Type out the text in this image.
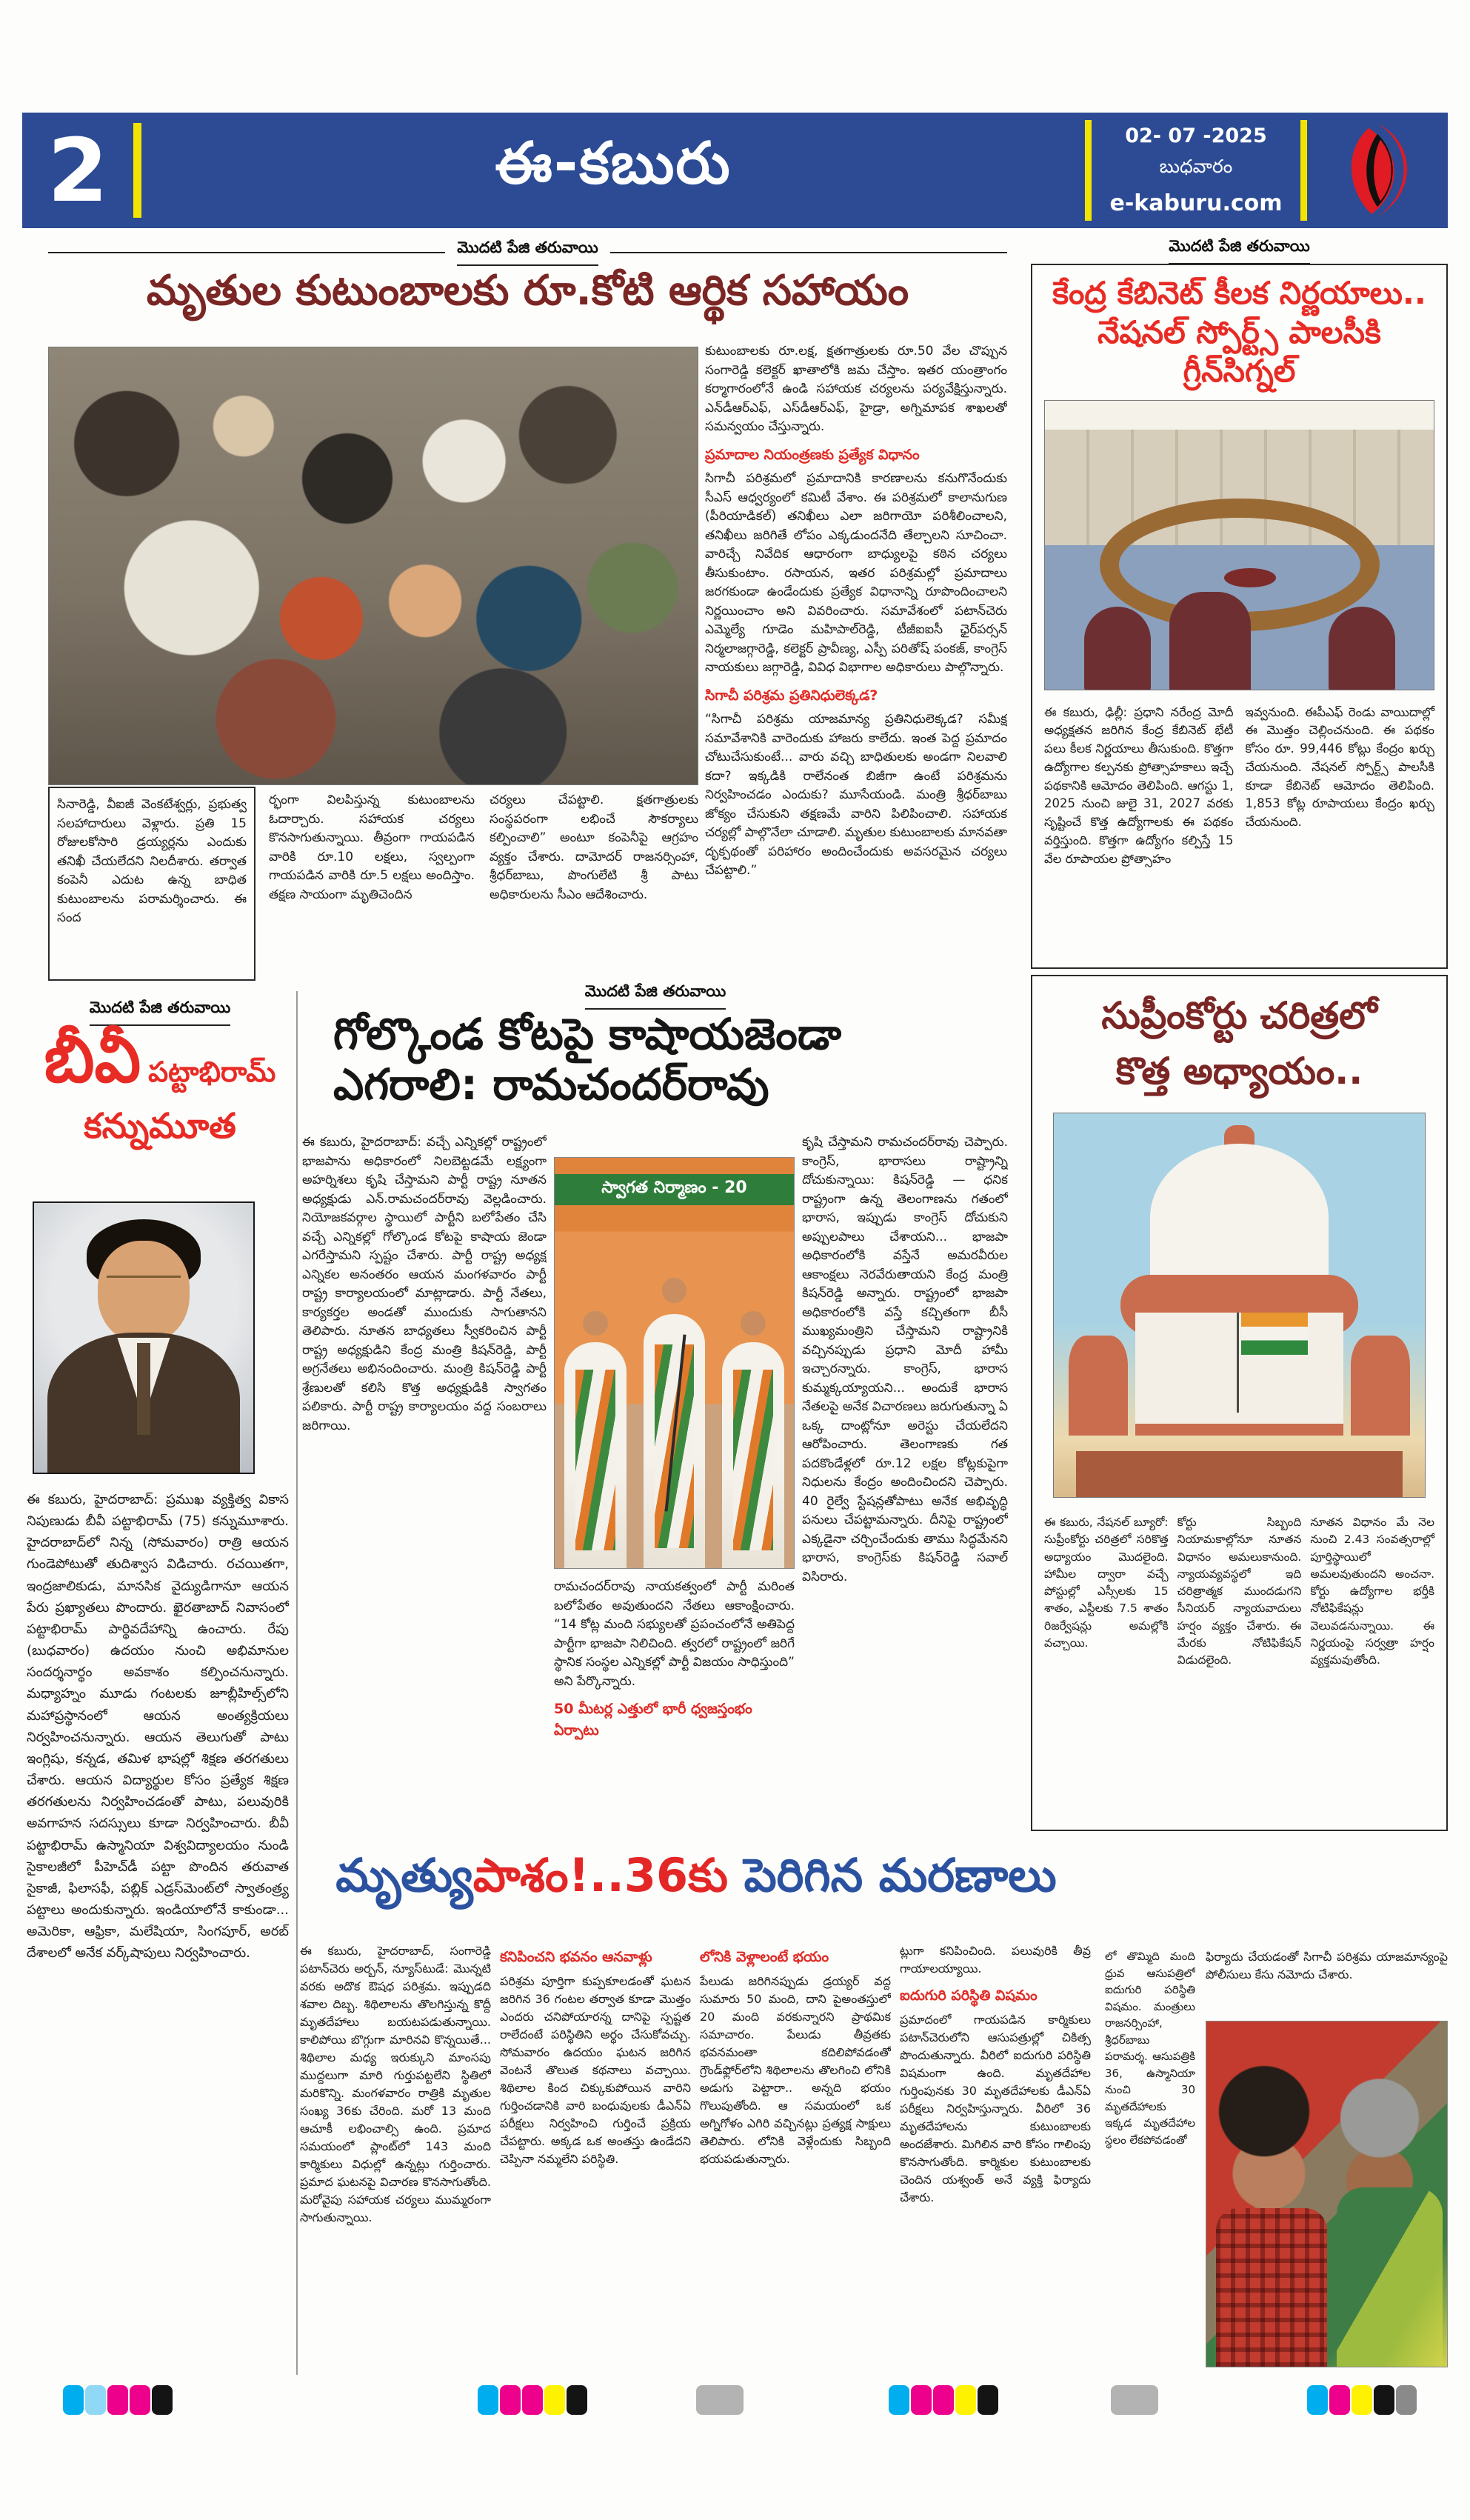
2	ఈ-కబురు	02- 07 -2025
బుధవారం
e-kaburu.com
మొదటి పేజి తరువాయి
మృతుల కుటుంబాలకు రూ.కోటి ఆర్థిక సహాయం

కుటుంబాలకు రూ.లక్ష, క్షతగాత్రులకు రూ.50 వేల చొప్పున సంగారెడ్డి కలెక్టర్ ఖాతాలోకి జమ చేస్తాం. ఇతర యంత్రాంగం కర్మాగారంలోనే ఉండి సహాయక చర్యలను పర్యవేక్షిస్తున్నారు. ఎన్‌డీఆర్‌ఎఫ్, ఎస్‌డీఆర్‌ఎఫ్, హైడ్రా, అగ్నిమాపక శాఖలతో సమన్వయం చేస్తున్నారు.

ప్రమాదాల నియంత్రణకు ప్రత్యేక విధానం

సిగాచీ పరిశ్రమలో ప్రమాదానికి కారణాలను కనుగొనేందుకు సీఎస్ ఆధ్వర్యంలో కమిటీ వేశాం. ఈ పరిశ్రమలో కాలానుగుణ (పీరియాడికల్) తనిఖీలు ఎలా జరిగాయో పరిశీలించాలని, తనిఖీలు జరిగితే లోపం ఎక్కడుందనేది తేల్చాలని సూచించా. వారిచ్చే నివేదిక ఆధారంగా బాధ్యులపై కఠిన చర్యలు తీసుకుంటాం. రసాయన, ఇతర పరిశ్రమల్లో ప్రమాదాలు జరగకుండా ఉండేందుకు ప్రత్యేక విధానాన్ని రూపొందించాలని నిర్ణయించాం అని వివరించారు. సమావేశంలో పటాన్‌చెరు ఎమ్మెల్యే గూడెం మహిపాల్‌రెడ్డి, టీజీఐఐసీ ఛైర్‌పర్సన్ నిర్మలాజగ్గారెడ్డి, కలెక్టర్ ప్రావీణ్య, ఎస్పీ పరితోష్ పంకజ్, కాంగ్రెస్ నాయకులు జగ్గారెడ్డి, వివిధ విభాగాల అధికారులు పాల్గొన్నారు.

సిగాచీ పరిశ్రమ ప్రతినిధులెక్కడ?

“సిగాచీ పరిశ్రమ యాజమాన్య ప్రతినిధులెక్కడ? సమీక్ష సమావేశానికి వారెందుకు హాజరు కాలేదు. ఇంత పెద్ద ప్రమాదం చోటుచేసుకుంటే... వారు వచ్చి బాధితులకు అండగా నిలవాలి కదా? ఇక్కడికి రాలేనంత బిజీగా ఉంటే పరిశ్రమను నిర్వహించడం ఎందుకు? మూసేయండి. మంత్రి శ్రీధర్‌బాబు జోక్యం చేసుకుని తక్షణమే వారిని పిలిపించాలి. సహాయక చర్యల్లో పాల్గొనేలా చూడాలి. మృతుల కుటుంబాలకు మానవతా దృక్పథంతో పరిహారం అందించేందుకు అవసరమైన చర్యలు చేపట్టాలి.”

సినారెడ్డి, వీఐజీ వెంకటేశ్వర్లు, ప్రభుత్వ సలహాదారులు వెళ్లారు. ప్రతి 15 రోజులకోసారి డ్రయ్యర్లను ఎందుకు తనిఖీ చేయలేదని నిలదీశారు. తర్వాత కంపెనీ ఎదుట ఉన్న బాధిత కుటుంబాలను పరామర్శించారు. ఈ సంద
ర్భంగా విలపిస్తున్న కుటుంబాలను ఓదార్చారు. సహాయక చర్యలు కొనసాగుతున్నాయి. తీవ్రంగా గాయపడిన వారికి రూ.10 లక్షలు, స్వల్పంగా గాయపడిన వారికి రూ.5 లక్షలు అందిస్తాం. తక్షణ సాయంగా మృతిచెందిన
చర్యలు చేపట్టాలి. క్షతగాత్రులకు సంస్థపరంగా లభించే సౌకర్యాలు కల్పించాలి” అంటూ కంపెనీపై ఆగ్రహం వ్యక్తం చేశారు. దామోదర్ రాజనర్సింహా, శ్రీధర్‌బాబు, పొంగులేటి శ్రీ పాటు అధికారులను సీఎం ఆదేశించారు.
మొదటి పేజి తరువాయి
కేంద్ర కేబినెట్ కీలక నిర్ణయాలు..
నేషనల్ స్పోర్ట్స్ పాలసీకి గ్రీన్‌సిగ్నల్
ఈ కబురు, ఢిల్లీ: ప్రధాని నరేంద్ర మోదీ అధ్యక్షతన జరిగిన కేంద్ర కేబినెట్ భేటీ పలు కీలక నిర్ణయాలు తీసుకుంది. కొత్తగా ఉద్యోగాల కల్పనకు ప్రోత్సాహకాలు ఇచ్చే పథకానికి ఆమోదం తెలిపింది. ఆగస్టు 1, 2025 నుంచి జులై 31, 2027 వరకు సృష్టించే కొత్త ఉద్యోగాలకు ఈ పథకం వర్తిస్తుంది. కొత్తగా ఉద్యోగం కల్పిస్తే 15 వేల రూపాయల ప్రోత్సాహం
ఇవ్వనుంది. ఈపీఎఫ్ రెండు వాయిదాల్లో ఈ మొత్తం చెల్లించనుంది. ఈ పథకం కోసం రూ. 99,446 కోట్లు కేంద్రం ఖర్చు చేయనుంది. నేషనల్ స్పోర్ట్స్ పాలసీకి కూడా కేబినెట్ ఆమోదం తెలిపింది. 1,853 కోట్ల రూపాయలు కేంద్రం ఖర్చు చేయనుంది.
మొదటి పేజి తరువాయి
బీవీ పట్టాభిరామ్
కన్నుమూత
ఈ కబురు, హైదరాబాద్: ప్రముఖ వ్యక్తిత్వ వికాస నిపుణుడు బీవీ పట్టాభిరామ్ (75) కన్నుమూశారు. హైదరాబాద్‌లో నిన్న (సోమవారం) రాత్రి ఆయన గుండెపోటుతో తుదిశ్వాస విడిచారు. రచయితగా, ఇంద్రజాలికుడు, మానసిక వైద్యుడిగానూ ఆయన పేరు ప్రఖ్యాతలు పొందారు. ఖైరతాబాద్ నివాసంలో పట్టాభిరామ్ పార్థివదేహాన్ని ఉంచారు. రేపు (బుధవారం) ఉదయం నుంచి అభిమానుల సందర్శనార్థం అవకాశం కల్పించనున్నారు. మధ్యాహ్నం మూడు గంటలకు జూబ్లీహిల్స్‌లోని మహాప్రస్థానంలో ఆయన అంత్యక్రియలు నిర్వహించనున్నారు. ఆయన తెలుగుతో పాటు ఇంగ్లిషు, కన్నడ, తమిళ భాషల్లో శిక్షణ తరగతులు చేశారు. ఆయన విద్యార్థుల కోసం ప్రత్యేక శిక్షణ తరగతులను నిర్వహించడంతో పాటు, పలువురికి అవగాహన సదస్సులు కూడా నిర్వహించారు. బీవీ పట్టాభిరామ్ ఉస్మానియా విశ్వవిద్యాలయం నుండి సైకాలజీలో పీహెచ్‌డీ పట్టా పొందిన తరువాత సైకాజీ, ఫిలాసఫీ, పబ్లిక్ ఎడ్రస్‌మెంట్‌లో స్వాతంత్ర్య పట్టాలు అందుకున్నారు. ఇండియాలోనే కాకుండా... అమెరికా, ఆఫ్రికా, మలేషియా, సింగపూర్, అరబ్ దేశాలలో అనేక వర్క్‌షాపులు నిర్వహించారు.
మొదటి పేజి తరువాయి
గోల్కొండ కోటపై కాషాయజెండా
ఎగరాలి: రామచందర్‌రావు
ఈ కబురు, హైదరాబాద్: వచ్చే ఎన్నికల్లో రాష్ట్రంలో భాజపాను అధికారంలో నిలబెట్టడమే లక్ష్యంగా అహర్నిశలు కృషి చేస్తామని పార్టీ రాష్ట్ర నూతన అధ్యక్షుడు ఎన్.రామచందర్‌రావు వెల్లడించారు. నియోజకవర్గాల స్థాయిలో పార్టీని బలోపేతం చేసి వచ్చే ఎన్నికల్లో గోల్కొండ కోటపై కాషాయ జెండా ఎగరేస్తామని స్పష్టం చేశారు. పార్టీ రాష్ట్ర అధ్యక్ష ఎన్నికల అనంతరం ఆయన మంగళవారం పార్టీ రాష్ట్ర కార్యాలయంలో మాట్లాడారు. పార్టీ నేతలు, కార్యకర్తల అండతో ముందుకు సాగుతానని తెలిపారు. నూతన బాధ్యతలు స్వీకరించిన పార్టీ రాష్ట్ర అధ్యక్షుడిని కేంద్ర మంత్రి కిషన్‌రెడ్డి, పార్టీ అగ్రనేతలు అభినందించారు. మంత్రి కిషన్‌రెడ్డి పార్టీ శ్రేణులతో కలిసి కొత్త అధ్యక్షుడికి స్వాగతం పలికారు. పార్టీ రాష్ట్ర కార్యాలయం వద్ద సంబరాలు జరిగాయి.
స్వాగత నిర్మాణం - 20

రామచందర్‌రావు నాయకత్వంలో పార్టీ మరింత బలోపేతం అవుతుందని నేతలు ఆకాంక్షించారు. “14 కోట్ల మంది సభ్యులతో ప్రపంచంలోనే అతిపెద్ద పార్టీగా భాజపా నిలిచింది. త్వరలో రాష్ట్రంలో జరిగే స్థానిక సంస్థల ఎన్నికల్లో పార్టీ విజయం సాధిస్తుంది” అని పేర్కొన్నారు.

50 మీటర్ల ఎత్తులో భారీ ధ్వజస్తంభం ఏర్పాటు
కృషి చేస్తామని రామచందర్‌రావు చెప్పారు. కాంగ్రెస్, భారాసలు రాష్ట్రాన్ని దోచుకున్నాయి: కిషన్‌రెడ్డి — ధనిక రాష్ట్రంగా ఉన్న తెలంగాణను గతంలో భారాస, ఇప్పుడు కాంగ్రెస్ దోచుకుని అప్పులపాలు చేశాయని... భాజపా అధికారంలోకి వస్తేనే అమరవీరుల ఆకాంక్షలు నెరవేరుతాయని కేంద్ర మంత్రి కిషన్‌రెడ్డి అన్నారు. రాష్ట్రంలో భాజపా అధికారంలోకి వస్తే కచ్చితంగా బీసీ ముఖ్యమంత్రిని చేస్తామని రాష్ట్రానికి వచ్చినప్పుడు ప్రధాని మోదీ హామీ ఇచ్చారన్నారు. కాంగ్రెస్, భారాస కుమ్మక్కయ్యాయని... అందుకే భారాస నేతలపై అనేక విచారణలు జరుగుతున్నా ఏ ఒక్క దాంట్లోనూ అరెస్టు చేయలేదని ఆరోపించారు. తెలంగాణకు గత పదకొండేళ్లలో రూ.12 లక్షల కోట్లకుపైగా నిధులను కేంద్రం అందించిందని చెప్పారు. 40 రైల్వే స్టేషన్లతోపాటు అనేక అభివృద్ధి పనులు చేపట్టామన్నారు. దీనిపై రాష్ట్రంలో ఎక్కడైనా చర్చించేందుకు తాము సిద్ధమేనని భారాస, కాంగ్రెస్‌కు కిషన్‌రెడ్డి సవాల్ విసిరారు.
సుప్రీంకోర్టు చరిత్రలో
కొత్త అధ్యాయం..
ఈ కబురు, నేషనల్ బ్యూరో: సుప్రీంకోర్టు చరిత్రలో సరికొత్త అధ్యాయం మొదలైంది. హామీల ద్వారా వచ్చే పోస్టుల్లో ఎస్సీలకు 15 శాతం, ఎస్టీలకు 7.5 శాతం రిజర్వేషన్లు అమల్లోకి వచ్చాయి.
కోర్టు సిబ్బంది నియామకాల్లోనూ నూతన విధానం అమలుకానుంది. న్యాయవ్యవస్థలో ఇది చరిత్రాత్మక ముందడుగని సీనియర్ న్యాయవాదులు హర్షం వ్యక్తం చేశారు. ఈ మేరకు నోటిఫికేషన్ విడుదలైంది.
నూతన విధానం మే నెల నుంచి 2.43 సంవత్సరాల్లో పూర్తిస్థాయిలో అమలవుతుందని అంచనా. కోర్టు ఉద్యోగాల భర్తీకి నోటిఫికేషన్లు వెలువడనున్నాయి. ఈ నిర్ణయంపై సర్వత్రా హర్షం వ్యక్తమవుతోంది.
మృత్యుపాశం!..36కు పెరిగిన మరణాలు
ఈ కబురు, హైదరాబాద్, సంగారెడ్డి పటాన్‌చెరు అర్బన్, న్యూస్‌టుడే: మొన్నటి వరకు అదొక ఔషధ పరిశ్రమ. ఇప్పుడది శవాల దిబ్బ. శిథిలాలను తొలగిస్తున్న కొద్దీ మృతదేహాలు బయటపడుతున్నాయి. కాలిపోయి బొగ్గుగా మారినవి కొన్నయితే... శిథిలాల మధ్య ఇరుక్కుని మాంసపు ముద్దలుగా మారి గుర్తుపట్టలేని స్థితిలో మరికొన్ని. మంగళవారం రాత్రికి మృతుల సంఖ్య 36కు చేరింది. మరో 13 మంది ఆచూకీ లభించాల్సి ఉంది. ప్రమాద సమయంలో ప్లాంట్‌లో 143 మంది కార్మికులు విధుల్లో ఉన్నట్లు గుర్తించారు. ప్రమాద ఘటనపై విచారణ కొనసాగుతోంది. మరోవైపు సహాయక చర్యలు ముమ్మరంగా సాగుతున్నాయి.
కనిపించని భవనం ఆనవాళ్లు

పరిశ్రమ పూర్తిగా కుప్పకూలడంతో ఘటన జరిగిన 36 గంటల తర్వాత కూడా మొత్తం ఎందరు చనిపోయారన్న దానిపై స్పష్టత రాలేదంటే పరిస్థితిని అర్థం చేసుకోవచ్చు. సోమవారం ఉదయం ఘటన జరిగిన వెంటనే తొలుత కథనాలు వచ్చాయి. శిథిలాల కింద చిక్కుకుపోయిన వారిని గుర్తించడానికి వారి బంధువులకు డీఎన్ఏ పరీక్షలు నిర్వహించి గుర్తించే ప్రక్రియ చేపట్టారు. అక్కడ ఒక అంతస్తు ఉండేదని చెప్పినా నమ్మలేని పరిస్థితి.

లోనికి వెళ్లాలంటే భయం

పేలుడు జరిగినప్పుడు డ్రయ్యర్ వద్ద సుమారు 50 మంది, దాని పైఅంతస్తులో 20 మంది వరకున్నారని ప్రాథమిక సమాచారం. పేలుడు తీవ్రతకు భవనమంతా కదిలిపోవడంతో గ్రౌండ్‌ఫ్లోర్‌లోని శిథిలాలను తొలగించి లోనికి అడుగు పెట్టారా.. అన్నది భయం గొలుపుతోంది. ఆ సమయంలో ఒక అగ్నిగోళం ఎగిరి వచ్చినట్లు ప్రత్యక్ష సాక్షులు తెలిపారు. లోనికి వెళ్లేందుకు సిబ్బంది భయపడుతున్నారు.

ట్లుగా కనిపించింది. పలువురికి తీవ్ర గాయాలయ్యాయి.

ఐదుగురి పరిస్థితి విషమం

ప్రమాదంలో గాయపడిన కార్మికులు పటాన్‌చెరులోని ఆసుపత్రుల్లో చికిత్స పొందుతున్నారు. వీరిలో ఐదుగురి పరిస్థితి విషమంగా ఉంది. మృతదేహాల గుర్తింపునకు 30 మృతదేహాలకు డీఎన్ఏ పరీక్షలు నిర్వహిస్తున్నారు. వీరిలో 36 మృతదేహాలను కుటుంబాలకు అందజేశారు. మిగిలిన వారి కోసం గాలింపు కొనసాగుతోంది. కార్మికుల కుటుంబాలకు చెందిన యశ్వంత్ అనే వ్యక్తి ఫిర్యాదు చేశారు.

లో తొమ్మిది మంది ధ్రువ ఆసుపత్రిలో ఐదుగురి పరిస్థితి విషమం. మంత్రులు రాజనర్సింహా, శ్రీధర్‌బాబు పరామర్శ. ఆసుపత్రికి 36, ఉస్మానియా నుంచి 30 మృతదేహాలకు ఇక్కడ మృతదేహాల స్థలం లేకపోవడంతో
ఫిర్యాదు చేయడంతో సిగాచీ పరిశ్రమ యాజమాన్యంపై పోలీసులు కేసు నమోదు చేశారు.
